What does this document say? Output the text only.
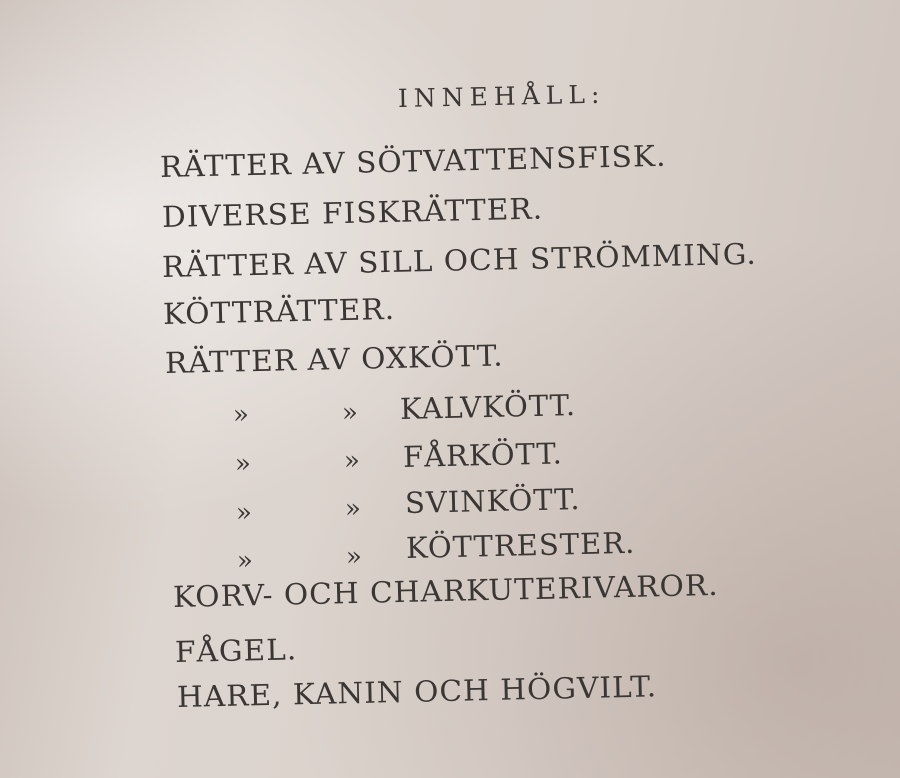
INNEHÅLL:
RÄTTER AV SÖTVATTENSFISK.
DIVERSE FISKRÄTTER.
RÄTTER AV SILL OCH STRÖMMING.
KÖTTRÄTTER.
RÄTTER AV OXKÖTT.
»	» KALVKÖTT.
»	» FÅRKÖTT.
»	» SVINKÖTT.
»	» KÖTTRESTER.
KORV- OCH CHARKUTERIVAROR.
FÅGEL.
HARE, KANIN OCH HÖGVILT.
